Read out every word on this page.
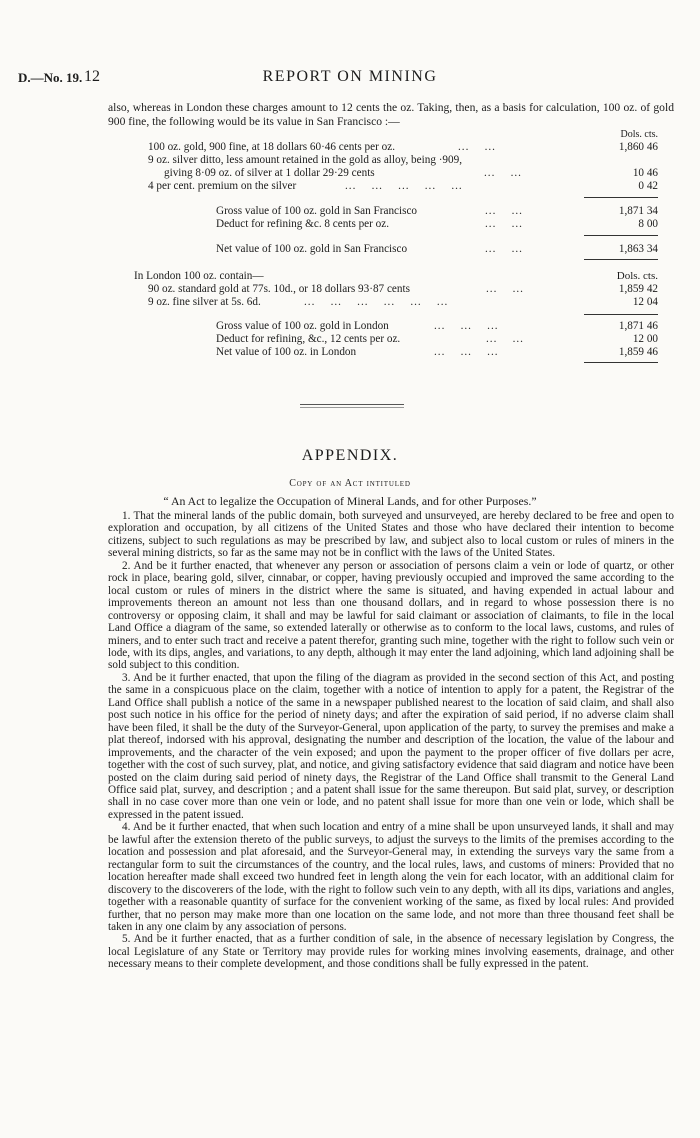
D.—No. 19. 12	REPORT ON MINING

also, whereas in London these charges amount to 12 cents the oz. Taking, then, as a basis for calculation, 100 oz. of gold 900 fine, the following would be its value in San Francisco :—

Dols. cts.
100 oz. gold, 900 fine, at 18 dollars 60·46 cents per oz.	...    ...	1,860 46
9 oz. silver ditto, less amount retained in the gold as alloy, being ·909,
giving 8·09 oz. of silver at 1 dollar 29·29 cents	...    ...	10 46
4 per cent. premium on the silver	...    ...    ...    ...    ...	0 42
Gross value of 100 oz. gold in San Francisco	...    ...	1,871 34
Deduct for refining &c. 8 cents per oz.	...    ...	8 00
Net value of 100 oz. gold in San Francisco	...    ...	1,863 34
In London 100 oz. contain—	Dols. cts.
90 oz. standard gold at 77s. 10d., or 18 dollars 93·87 cents	...    ...	1,859 42
9 oz. fine silver at 5s. 6d.	...    ...    ...    ...    ...    ...	12 04
Gross value of 100 oz. gold in London	...    ...    ...	1,871 46
Deduct for refining, &c., 12 cents per oz.	...    ...	12 00
Net value of 100 oz. in London	...    ...    ...	1,859 46
APPENDIX.
Copy of an Act intituled
“ An Act to legalize the Occupation of Mineral Lands, and for other Purposes.”

1. That the mineral lands of the public domain, both surveyed and unsurveyed, are hereby declared to be free and open to exploration and occupation, by all citizens of the United States and those who have declared their intention to become citizens, subject to such regulations as may be prescribed by law, and subject also to local custom or rules of miners in the several mining districts, so far as the same may not be in conflict with the laws of the United States.

2. And be it further enacted, that whenever any person or association of persons claim a vein or lode of quartz, or other rock in place, bearing gold, silver, cinnabar, or copper, having previously occupied and improved the same according to the local custom or rules of miners in the district where the same is situated, and having expended in actual labour and improvements thereon an amount not less than one thousand dollars, and in regard to whose possession there is no controversy or opposing claim, it shall and may be lawful for said claimant or association of claimants, to file in the local Land Office a diagram of the same, so extended laterally or otherwise as to conform to the local laws, customs, and rules of miners, and to enter such tract and receive a patent therefor, granting such mine, together with the right to follow such vein or lode, with its dips, angles, and variations, to any depth, although it may enter the land adjoining, which land adjoining shall be sold subject to this condition.

3. And be it further enacted, that upon the filing of the diagram as provided in the second section of this Act, and posting the same in a conspicuous place on the claim, together with a notice of intention to apply for a patent, the Registrar of the Land Office shall publish a notice of the same in a newspaper published nearest to the location of said claim, and shall also post such notice in his office for the period of ninety days; and after the expiration of said period, if no adverse claim shall have been filed, it shall be the duty of the Surveyor-General, upon application of the party, to survey the premises and make a plat thereof, indorsed with his approval, designating the number and description of the location, the value of the labour and improvements, and the character of the vein exposed; and upon the payment to the proper officer of five dollars per acre, together with the cost of such survey, plat, and notice, and giving satisfactory evidence that said diagram and notice have been posted on the claim during said period of ninety days, the Registrar of the Land Office shall transmit to the General Land Office said plat, survey, and description ; and a patent shall issue for the same thereupon. But said plat, survey, or description shall in no case cover more than one vein or lode, and no patent shall issue for more than one vein or lode, which shall be expressed in the patent issued.

4. And be it further enacted, that when such location and entry of a mine shall be upon unsurveyed lands, it shall and may be lawful after the extension thereto of the public surveys, to adjust the surveys to the limits of the premises according to the location and possession and plat aforesaid, and the Surveyor-General may, in extending the surveys vary the same from a rectangular form to suit the circumstances of the country, and the local rules, laws, and customs of miners: Provided that no location hereafter made shall exceed two hundred feet in length along the vein for each locator, with an additional claim for discovery to the discoverers of the lode, with the right to follow such vein to any depth, with all its dips, variations and angles, together with a reasonable quantity of surface for the convenient working of the same, as fixed by local rules: And provided further, that no person may make more than one location on the same lode, and not more than three thousand feet shall be taken in any one claim by any association of persons.

5. And be it further enacted, that as a further condition of sale, in the absence of necessary legislation by Congress, the local Legislature of any State or Territory may provide rules for working mines involving easements, drainage, and other necessary means to their complete development, and those conditions shall be fully expressed in the patent.
